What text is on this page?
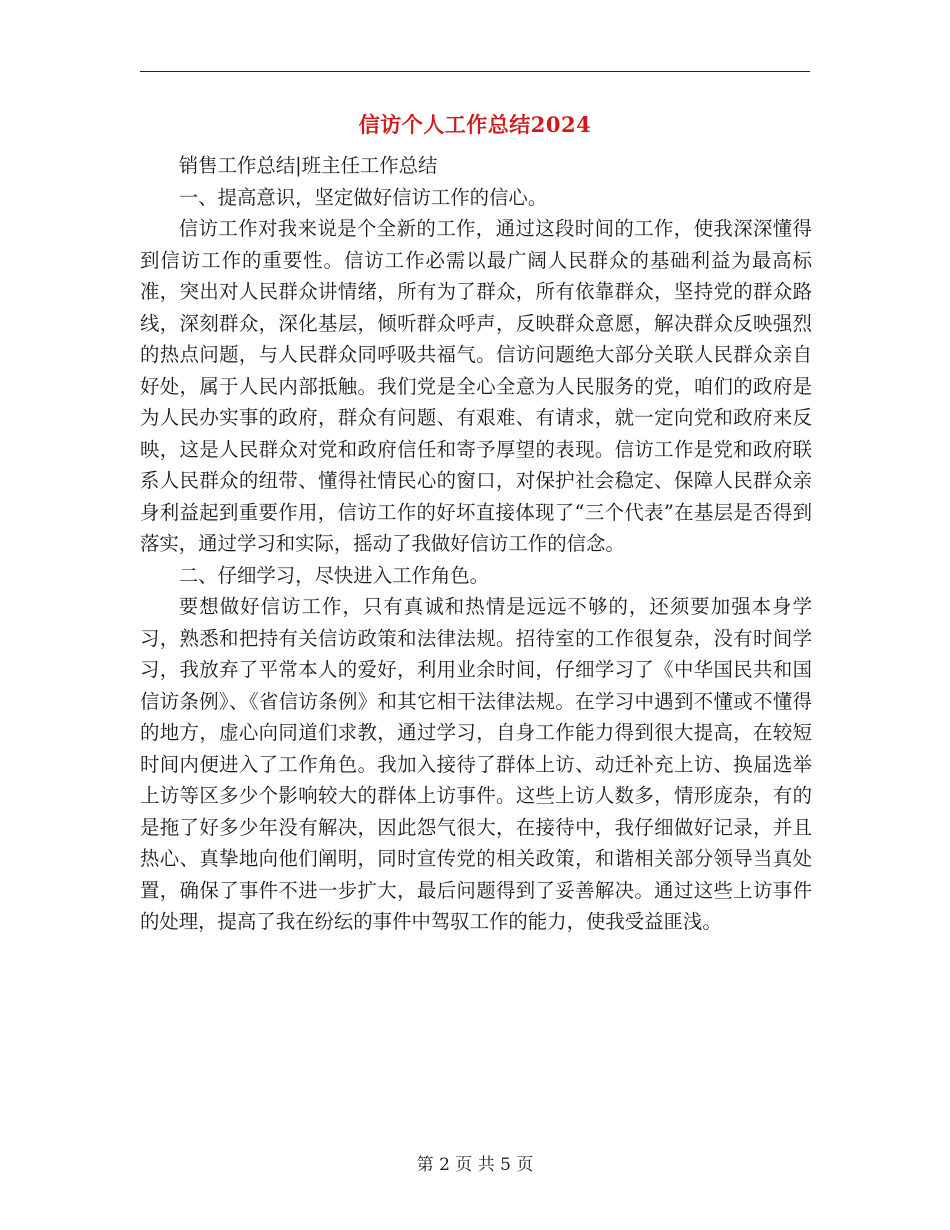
信访个人工作总结2024

销售工作总结|班主任工作总结

一、提高意识，坚定做好信访工作的信心。

信访工作对我来说是个全新的工作，通过这段时间的工作，使我深深懂得到信访工作的重要性。信访工作必需以最广阔人民群众的基础利益为最高标准，突出对人民群众讲情绪，所有为了群众，所有依靠群众，坚持党的群众路线，深刻群众，深化基层，倾听群众呼声，反映群众意愿，解决群众反映强烈的热点问题，与人民群众同呼吸共福气。信访问题绝大部分关联人民群众亲自好处，属于人民内部抵触。我们党是全心全意为人民服务的党，咱们的政府是为人民办实事的政府，群众有问题、有艰难、有请求，就一定向党和政府来反映，这是人民群众对党和政府信任和寄予厚望的表现。信访工作是党和政府联系人民群众的纽带、懂得社情民心的窗口，对保护社会稳定、保障人民群众亲身利益起到重要作用，信访工作的好坏直接体现了“三个代表”在基层是否得到落实，通过学习和实际，摇动了我做好信访工作的信念。

二、仔细学习，尽快进入工作角色。

要想做好信访工作，只有真诚和热情是远远不够的，还须要加强本身学习，熟悉和把持有关信访政策和法律法规。招待室的工作很复杂，没有时间学习，我放弃了平常本人的爱好，利用业余时间，仔细学习了《中华国民共和国信访条例》、《省信访条例》和其它相干法律法规。在学习中遇到不懂或不懂得的地方，虚心向同道们求教，通过学习，自身工作能力得到很大提高，在较短时间内便进入了工作角色。我加入接待了群体上访、动迁补充上访、换届选举上访等区多少个影响较大的群体上访事件。这些上访人数多，情形庞杂，有的是拖了好多少年没有解决，因此怨气很大，在接待中，我仔细做好记录，并且热心、真挚地向他们阐明，同时宣传党的相关政策，和谐相关部分领导当真处置，确保了事件不进一步扩大，最后问题得到了妥善解决。通过这些上访事件的处理，提高了我在纷纭的事件中驾驭工作的能力，使我受益匪浅。

第 2 页 共 5 页
